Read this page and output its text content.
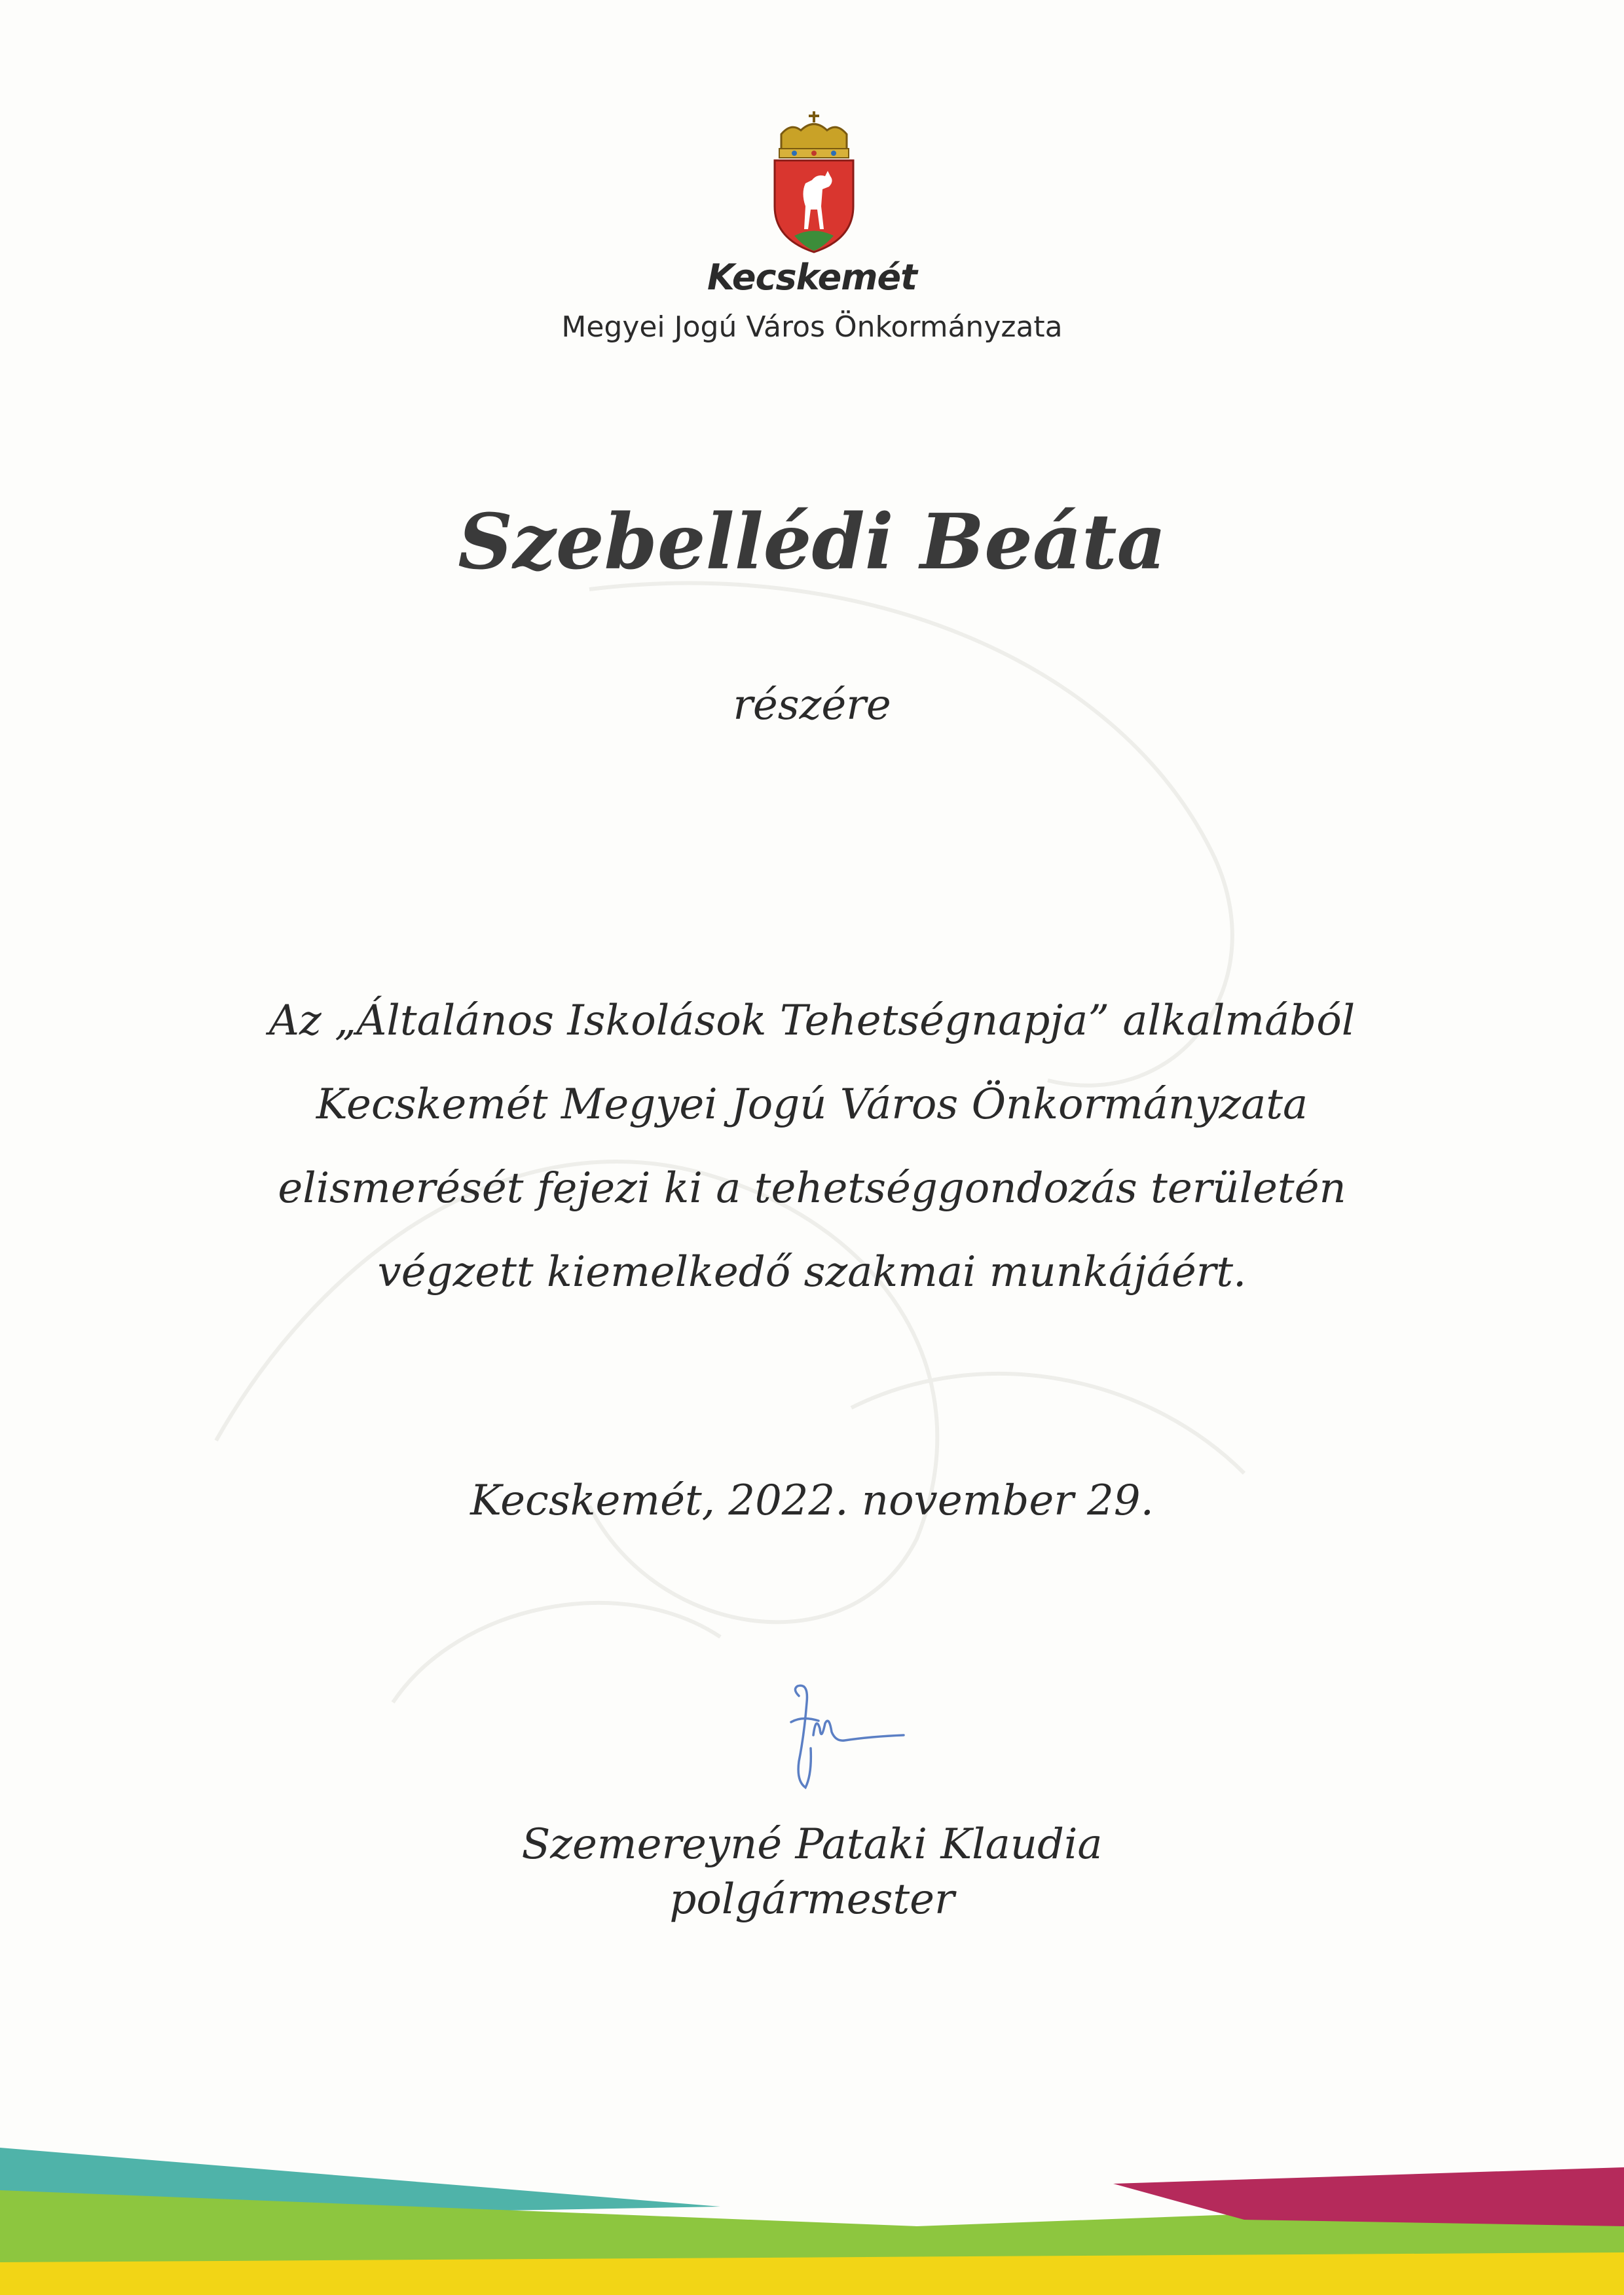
Kecskemét
Megyei Jogú Város Önkormányzata
Szebellédi Beáta
részére
Az „Általános Iskolások Tehetségnapja” alkalmából
Kecskemét Megyei Jogú Város Önkormányzata
elismerését fejezi ki a tehetséggondozás területén
végzett kiemelkedő szakmai munkájáért.
Kecskemét, 2022. november 29.
Szemereyné Pataki Klaudia
polgármester
